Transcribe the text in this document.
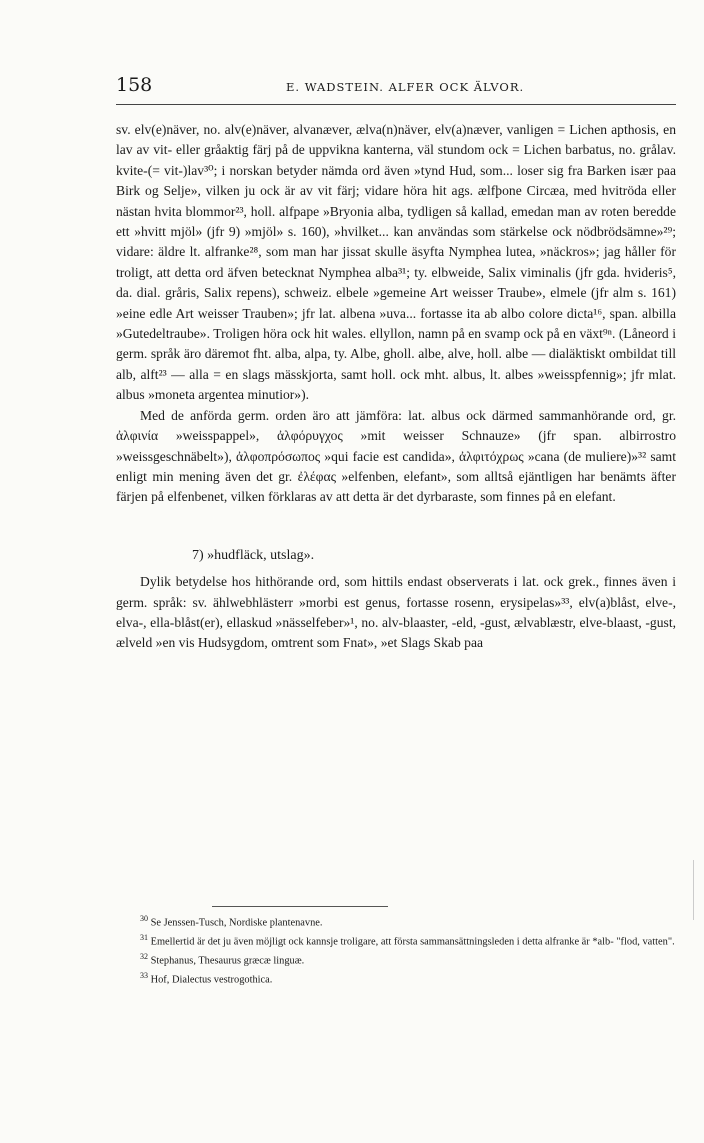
158	E. WADSTEIN. ALFER OCK ÄLVOR.

sv. elv(e)näver, no. alv(e)näver, alvanæver, ælva(n)näver, elv(a)næver, vanligen = Lichen apthosis, en lav av vit- eller gråaktig färj på de uppvikna kanterna, väl stundom ock = Lichen barbatus, no. grålav. kvite-(= vit-)lav³⁰; i norskan betyder nämda ord även »tynd Hud, som... loser sig fra Barken især paa Birk og Selje», vilken ju ock är av vit färj; vidare höra hit ags. ælfþone Circæa, med hvitröda eller nästan hvita blommor²³, holl. alfpape »Bryonia alba, tydligen så kallad, emedan man av roten beredde ett »hvitt mjöl» (jfr 9) »mjöl» s. 160), »hvilket... kan användas som stärkelse ock nödbrödsämne»²⁹; vidare: äldre lt. alfranke²⁸, som man har jissat skulle äsyfta Nymphea lutea, »näckros»; jag håller för troligt, att detta ord äfven betecknat Nymphea alba³¹; ty. elbweide, Salix viminalis (jfr gda. hvideris⁵, da. dial. gråris, Salix repens), schweiz. elbele »gemeine Art weisser Traube», elmele (jfr alm s. 161) »eine edle Art weisser Trauben»; jfr lat. albena »uva... fortasse ita ab albo colore dicta¹⁶, span. albilla »Gutedeltraube». Troligen höra ock hit wales. ellyllon, namn på en svamp ock på en växt⁹ⁿ. (Låneord i germ. språk äro däremot fht. alba, alpa, ty. Albe, gholl. albe, alve, holl. albe — dialäktiskt ombildat till alb, alft²³ — alla = en slags mässkjorta, samt holl. ock mht. albus, lt. albes »weisspfennig»; jfr mlat. albus »moneta argentea minutior»).

Med de anförda germ. orden äro att jämföra: lat. albus ock därmed sammanhörande ord, gr. ἀλφινία »weisspappel», ἀλφόρυγχος »mit weisser Schnauze» (jfr span. albirrostro »weissgeschnäbelt»), ἀλφοπρόσωπος »qui facie est candida», ἀλφιτόχρως »cana (de muliere)»³² samt enligt min mening även det gr. ἐλέφας »elfenben, elefant», som alltså ejäntligen har benämts äfter färjen på elfenbenet, vilken förklaras av att detta är det dyrbaraste, som finnes på en elefant.

7) »hudfläck, utslag».

Dylik betydelse hos hithörande ord, som hittils endast observerats i lat. ock grek., finnes även i germ. språk: sv. ählwebhlästerr »morbi est genus, fortasse rosenn, erysipelas»³³, elv(a)blåst, elve-, elva-, ella-blåst(er), ellaskud »nässelfeber»¹, no. alv-blaaster, -eld, -gust, ælvablæstr, elve-blaast, -gust, ælveld »en vis Hudsygdom, omtrent som Fnat», »et Slags Skab paa

$^{30}$ Se Jenssen-Tusch, Nordiske plantenavne.
$^{31}$ Emellertid är det ju även möjligt ock kannsje troligare, att första sammansättningsleden i detta alfranke är *alb- "flod, vatten".
$^{32}$ Stephanus, Thesaurus græcæ linguæ.
$^{33}$ Hof, Dialectus vestrogothica.
